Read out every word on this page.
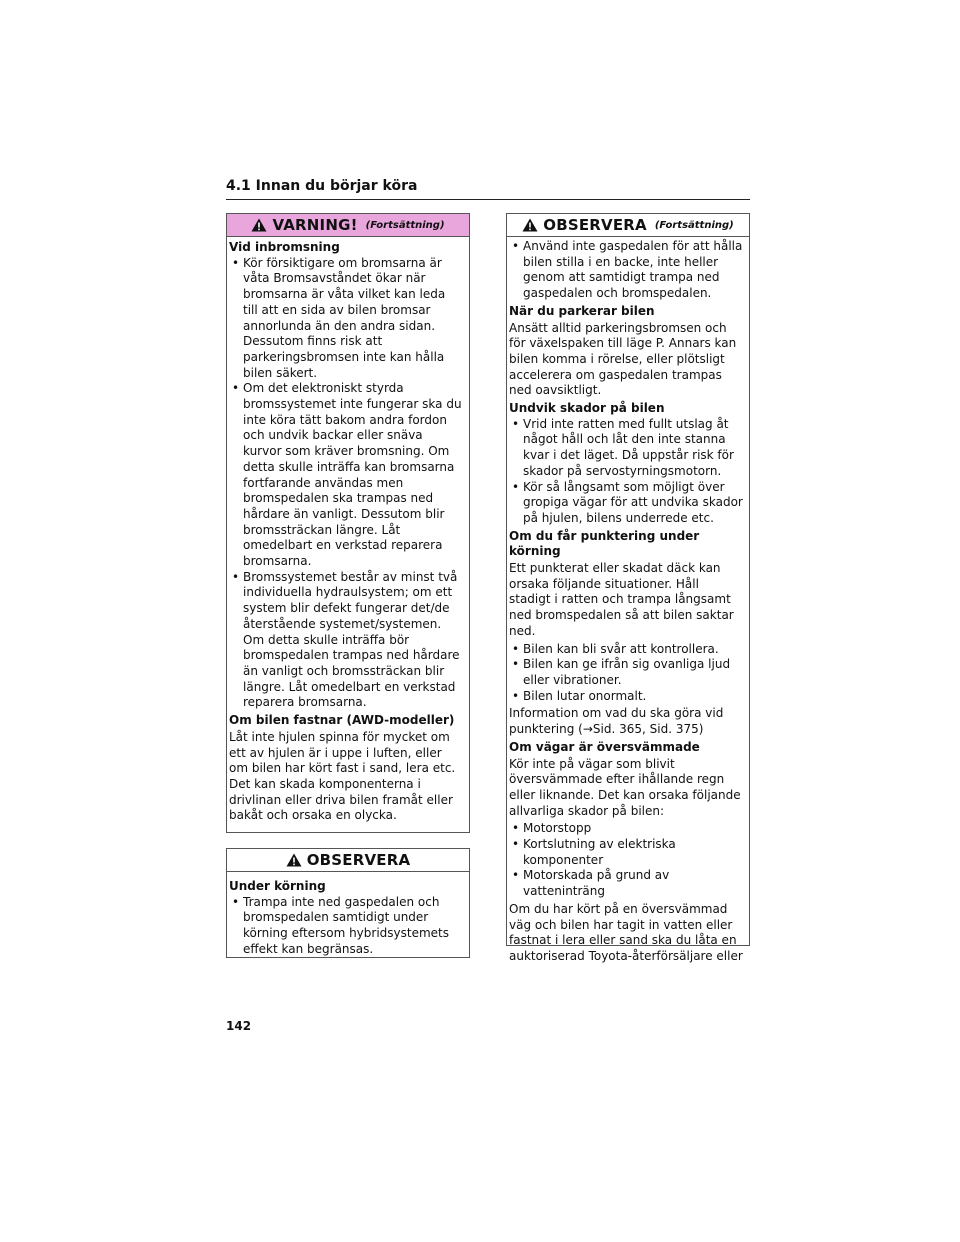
4.1 Innan du börjar köra
VARNING! (Fortsättning)
Vid inbromsning
• Kör försiktigare om bromsarna är våta Bromsavståndet ökar när bromsarna är våta vilket kan leda till att en sida av bilen bromsar annorlunda än den andra sidan. Dessutom finns risk att parkeringsbromsen inte kan hålla bilen säkert.
• Om det elektroniskt styrda bromssystemet inte fungerar ska du inte köra tätt bakom andra fordon och undvik backar eller snäva kurvor som kräver bromsning. Om detta skulle inträffa kan bromsarna fortfarande användas men bromspedalen ska trampas ned hårdare än vanligt. Dessutom blir bromssträckan längre. Låt omedelbart en verkstad reparera bromsarna.
• Bromssystemet består av minst två individuella hydraulsystem; om ett system blir defekt fungerar det/de återstående systemet/systemen. Om detta skulle inträffa bör bromspedalen trampas ned hårdare än vanligt och bromssträckan blir längre. Låt omedelbart en verkstad reparera bromsarna.
Om bilen fastnar (AWD-modeller)
Låt inte hjulen spinna för mycket om ett av hjulen är i uppe i luften, eller om bilen har kört fast i sand, lera etc. Det kan skada komponenterna i drivlinan eller driva bilen framåt eller bakåt och orsaka en olycka.
OBSERVERA
Under körning
• Trampa inte ned gaspedalen och bromspedalen samtidigt under körning eftersom hybridsystemets effekt kan begränsas.
OBSERVERA (Fortsättning)
• Använd inte gaspedalen för att hålla bilen stilla i en backe, inte heller genom att samtidigt trampa ned gaspedalen och bromspedalen.
När du parkerar bilen
Ansätt alltid parkeringsbromsen och för växelspaken till läge P. Annars kan bilen komma i rörelse, eller plötsligt accelerera om gaspedalen trampas ned oavsiktligt.
Undvik skador på bilen
• Vrid inte ratten med fullt utslag åt något håll och låt den inte stanna kvar i det läget. Då uppstår risk för skador på servostyrningsmotorn.
• Kör så långsamt som möjligt över gropiga vägar för att undvika skador på hjulen, bilens underrede etc.
Om du får punktering under körning
Ett punkterat eller skadat däck kan orsaka följande situationer. Håll stadigt i ratten och trampa långsamt ned bromspedalen så att bilen saktar ned.
• Bilen kan bli svår att kontrollera.
• Bilen kan ge ifrån sig ovanliga ljud eller vibrationer.
• Bilen lutar onormalt.
Information om vad du ska göra vid punktering (→Sid. 365, Sid. 375)
Om vägar är översvämmade
Kör inte på vägar som blivit översvämmade efter ihållande regn eller liknande. Det kan orsaka följande allvarliga skador på bilen:
• Motorstopp
• Kortslutning av elektriska komponenter
• Motorskada på grund av vatteninträng
Om du har kört på en översvämmad väg och bilen har tagit in vatten eller fastnat i lera eller sand ska du låta en auktoriserad Toyota-återförsäljare eller
142
